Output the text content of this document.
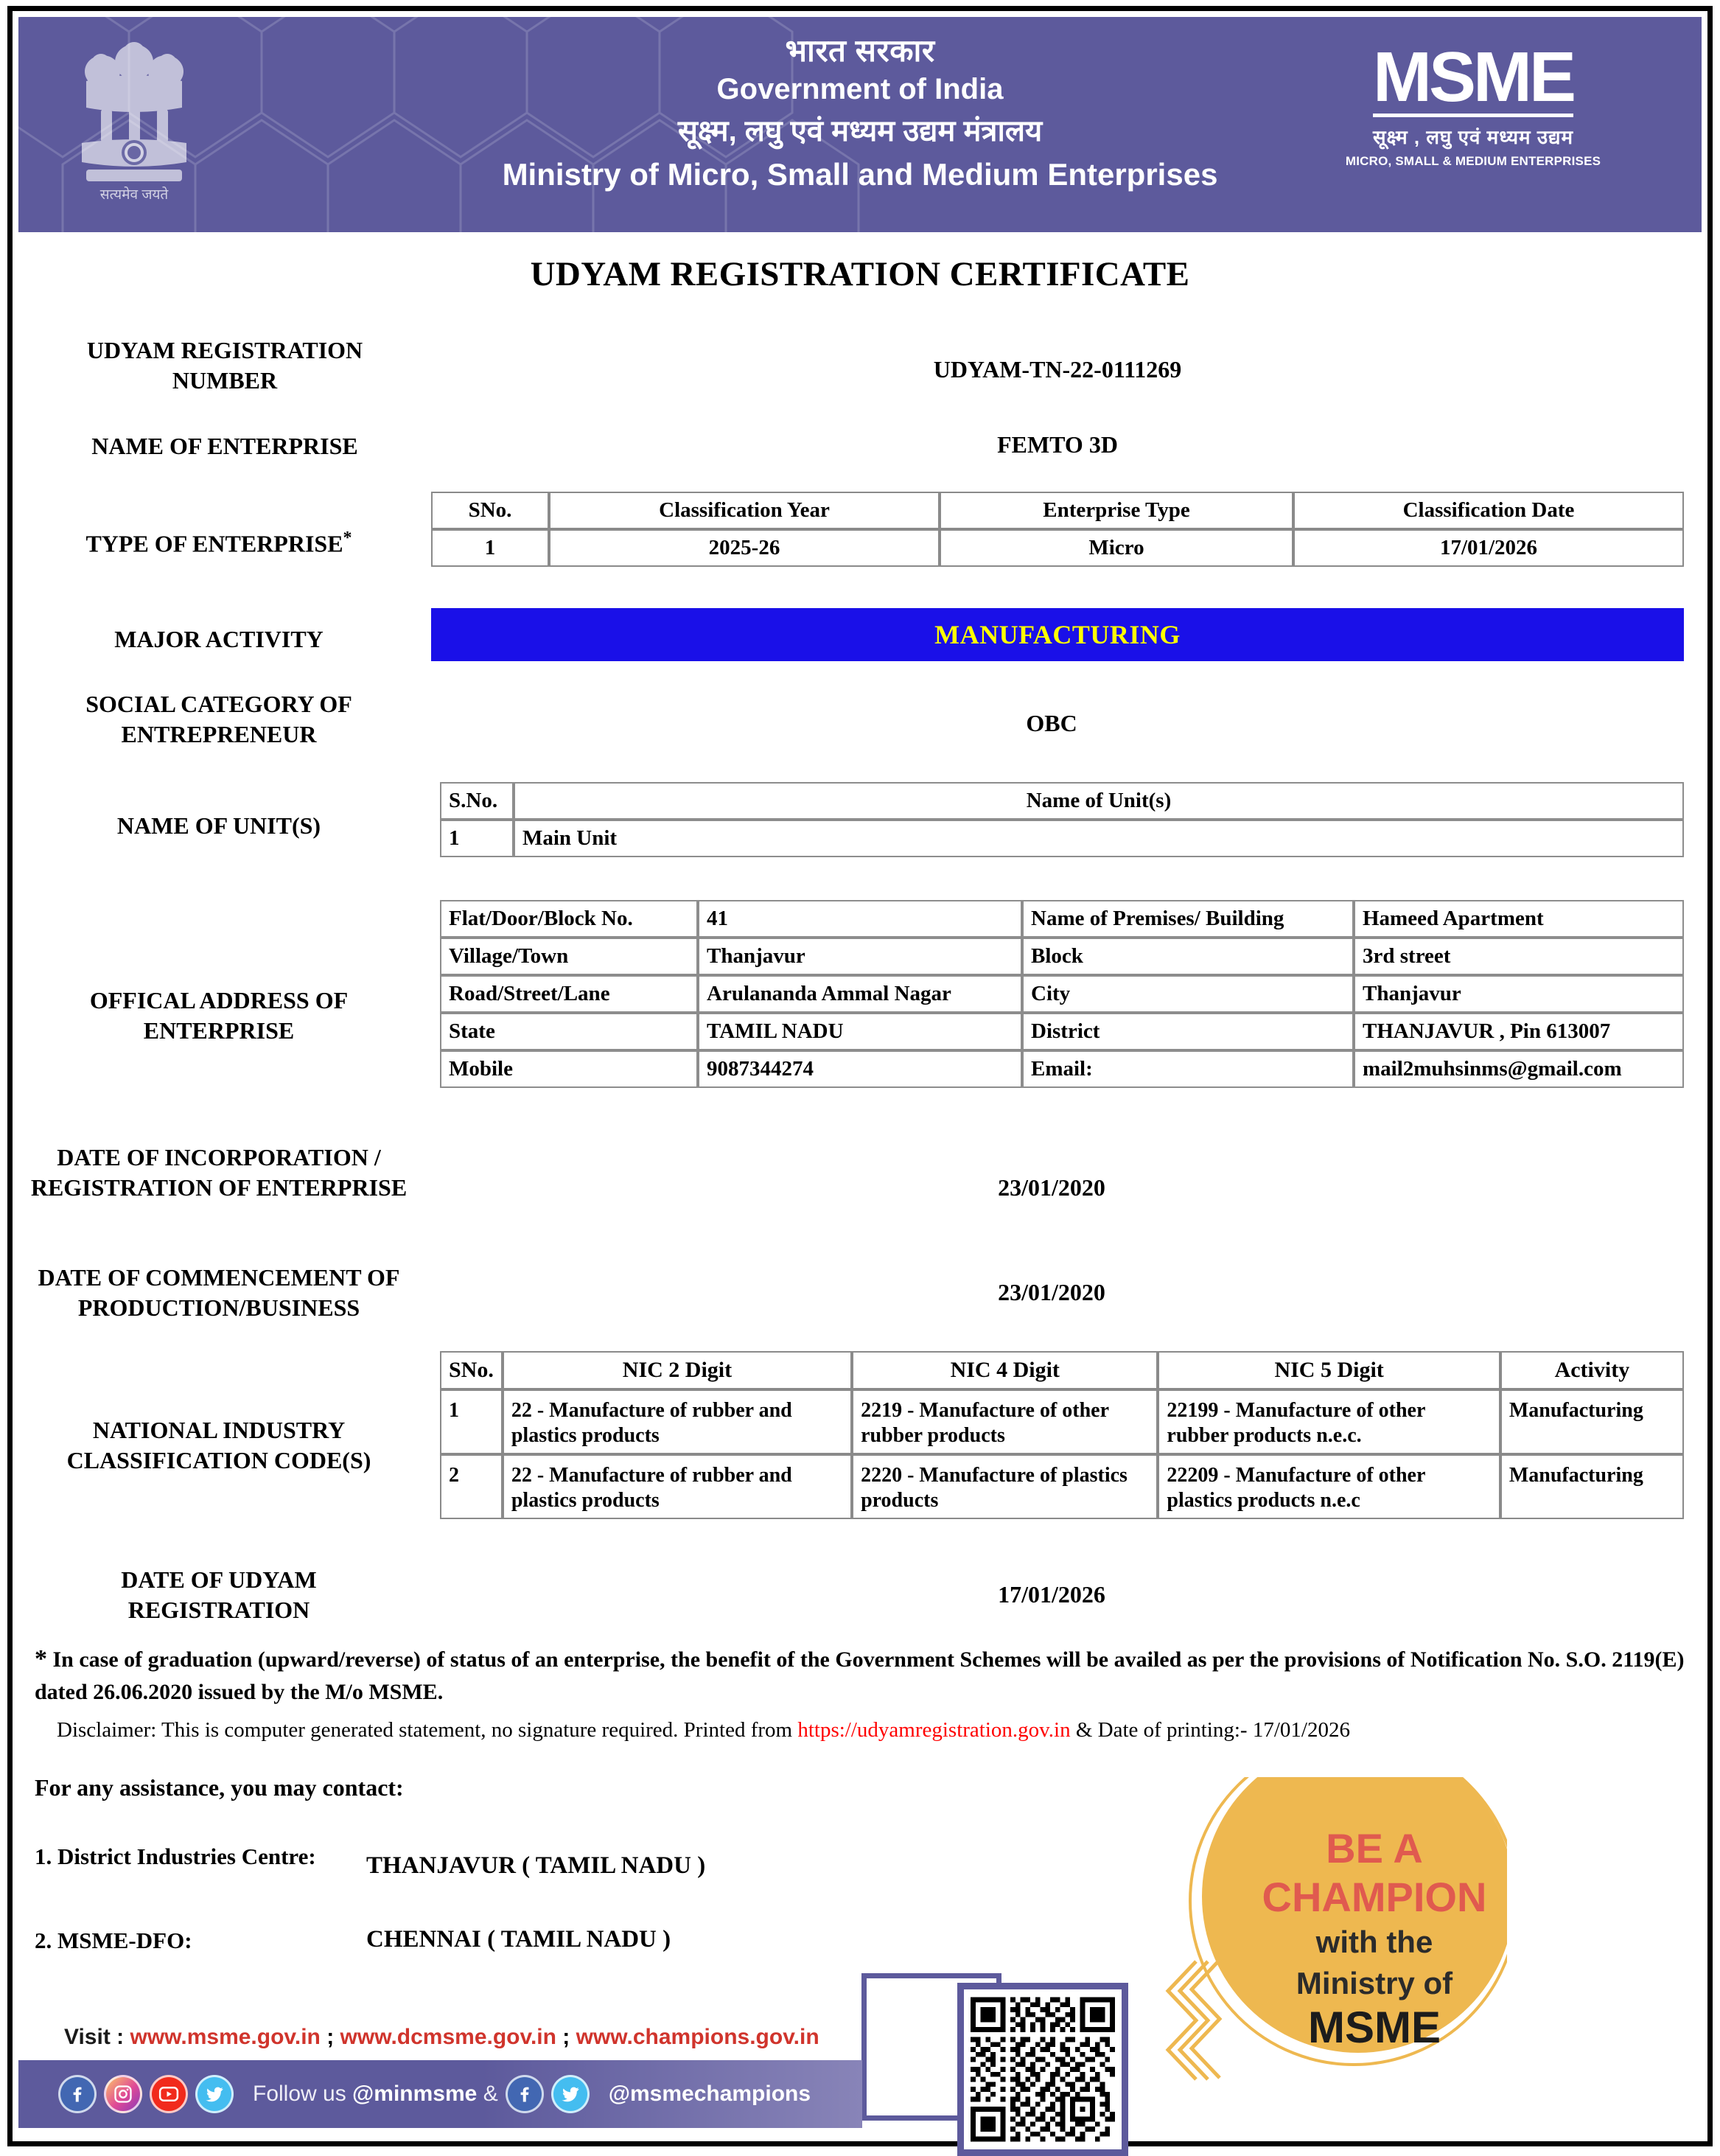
सत्यमेव जयते
भारत सरकार
Government of India
सूक्ष्म, लघु एवं मध्यम उद्यम मंत्रालय
Ministry of Micro, Small and Medium Enterprises
MSME
सूक्ष्म , लघु एवं मध्यम उद्यम
MICRO, SMALL & MEDIUM ENTERPRISES
UDYAM REGISTRATION CERTIFICATE
UDYAM REGISTRATION NUMBER	UDYAM-TN-22-0111269
NAME OF ENTERPRISE	FEMTO 3D
TYPE OF ENTERPRISE*
SNo.	Classification Year	Enterprise Type	Classification Date
1	2025-26	Micro	17/01/2026
MAJOR ACTIVITY	MANUFACTURING
SOCIAL CATEGORY OF ENTREPRENEUR	OBC
NAME OF UNIT(S)
S.No.	Name of Unit(s)
1	Main Unit
OFFICAL ADDRESS OF ENTERPRISE
Flat/Door/Block No.	41	Name of Premises/ Building	Hameed Apartment
Village/Town	Thanjavur	Block	3rd street
Road/Street/Lane	Arulananda Ammal Nagar	City	Thanjavur
State	TAMIL NADU	District	THANJAVUR , Pin 613007
Mobile	9087344274	Email:	mail2muhsinms@gmail.com
DATE OF INCORPORATION / REGISTRATION OF ENTERPRISE	23/01/2020
DATE OF COMMENCEMENT OF PRODUCTION/BUSINESS
23/01/2020
NATIONAL INDUSTRY CLASSIFICATION CODE(S)
SNo.	NIC 2 Digit	NIC 4 Digit	NIC 5 Digit	Activity
1	22 - Manufacture of rubber and plastics products	2219 - Manufacture of other rubber products	22199 - Manufacture of other rubber products n.e.c.	Manufacturing
2	22 - Manufacture of rubber and plastics products	2220 - Manufacture of plastics products	22209 - Manufacture of other plastics products n.e.c	Manufacturing
DATE OF UDYAM REGISTRATION
17/01/2026
* In case of graduation (upward/reverse) of status of an enterprise, the benefit of the Government Schemes will be availed as per the provisions of Notification No. S.O. 2119(E) dated 26.06.2020 issued by the M/o MSME.
Disclaimer: This is computer generated statement, no signature required. Printed from https://udyamregistration.gov.in & Date of printing:- 17/01/2026
For any assistance, you may contact:
1. District Industries Centre:	THANJAVUR ( TAMIL NADU )
2. MSME-DFO:	CHENNAI ( TAMIL NADU )
BE A
CHAMPION
with the
Ministry of
MSME
Visit : www.msme.gov.in ; www.dcmsme.gov.in ; www.champions.gov.in
Follow us @minmsme &	@msmechampions
